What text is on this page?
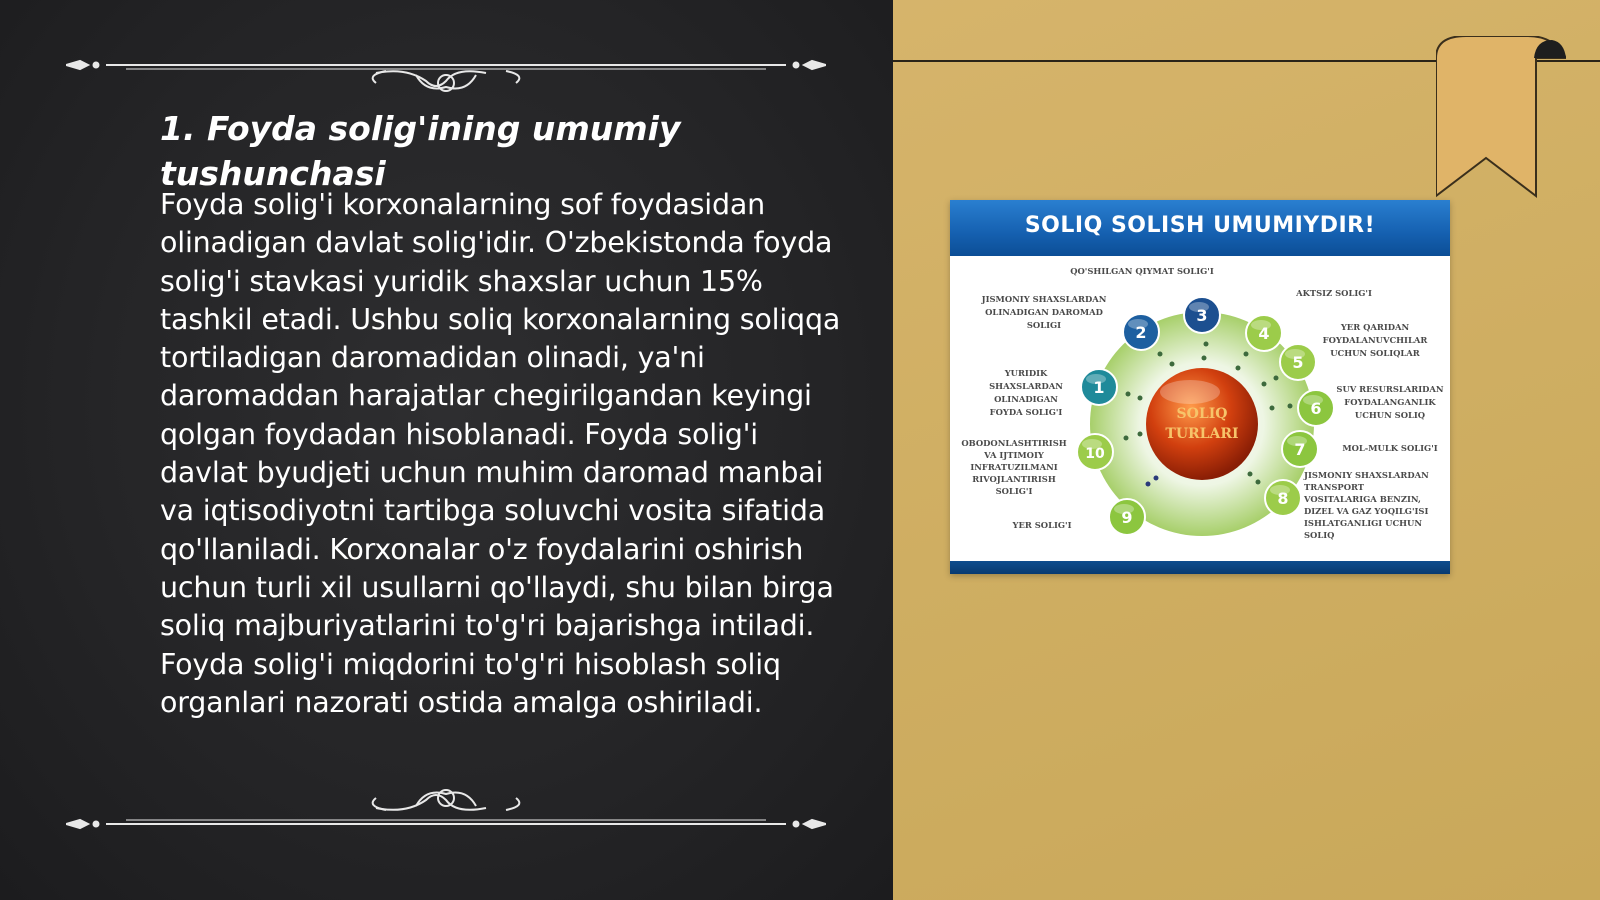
1. Foyda solig'ining umumiy tushunchasi

Foyda solig'i korxonalarning sof foydasidan olinadigan davlat solig'idir. O'zbekistonda foyda solig'i stavkasi yuridik shaxslar uchun 15% tashkil etadi. Ushbu soliq korxonalarning soliqqa tortiladigan daromadidan olinadi, ya'ni daromaddan harajatlar chegirilgandan keyingi qolgan foydadan hisoblanadi. Foyda solig'i davlat byudjeti uchun muhim daromad manbai va iqtisodiyotni tartibga soluvchi vosita sifatida qo'llaniladi. Korxonalar o'z foydalarini oshirish uchun turli xil usullarni qo'llaydi, shu bilan birga soliq majburiyatlarini to'g'ri bajarishga intiladi. Foyda solig'i miqdorini to'g'ri hisoblash soliq organlari nazorati ostida amalga oshiriladi.

SOLIQ SOLISH UMUMIYDIR!
SOLIQ
TURLARI
1
2
3
4
5
6
7
8
9
10
QO'SHILGAN QIYMAT SOLIG'I
AKTSIZ SOLIG'I
JISMONIY SHAXSLARDAN
OLINADIGAN DAROMAD
SOLIGI	YER QARIDAN
FOYDALANUVCHILAR
UCHUN SOLIQLAR
YURIDIK
SHAXSLARDAN
OLINADIGAN
FOYDA SOLIG'I
SUV RESURSLARIDAN
FOYDALANGANLIK
UCHUN SOLIQ
OBODONLASHTIRISH
VA IJTIMOIY
INFRATUZILMANI
RIVOJLANTIRISH
SOLIG'I
MOL-MULK SOLIG'I
JISMONIY SHAXSLARDAN
TRANSPORT
VOSITALARIGA BENZIN,
DIZEL VA GAZ YOQILG'ISI
ISHLATGANLIGI UCHUN
SOLIQ
YER SOLIG'I
